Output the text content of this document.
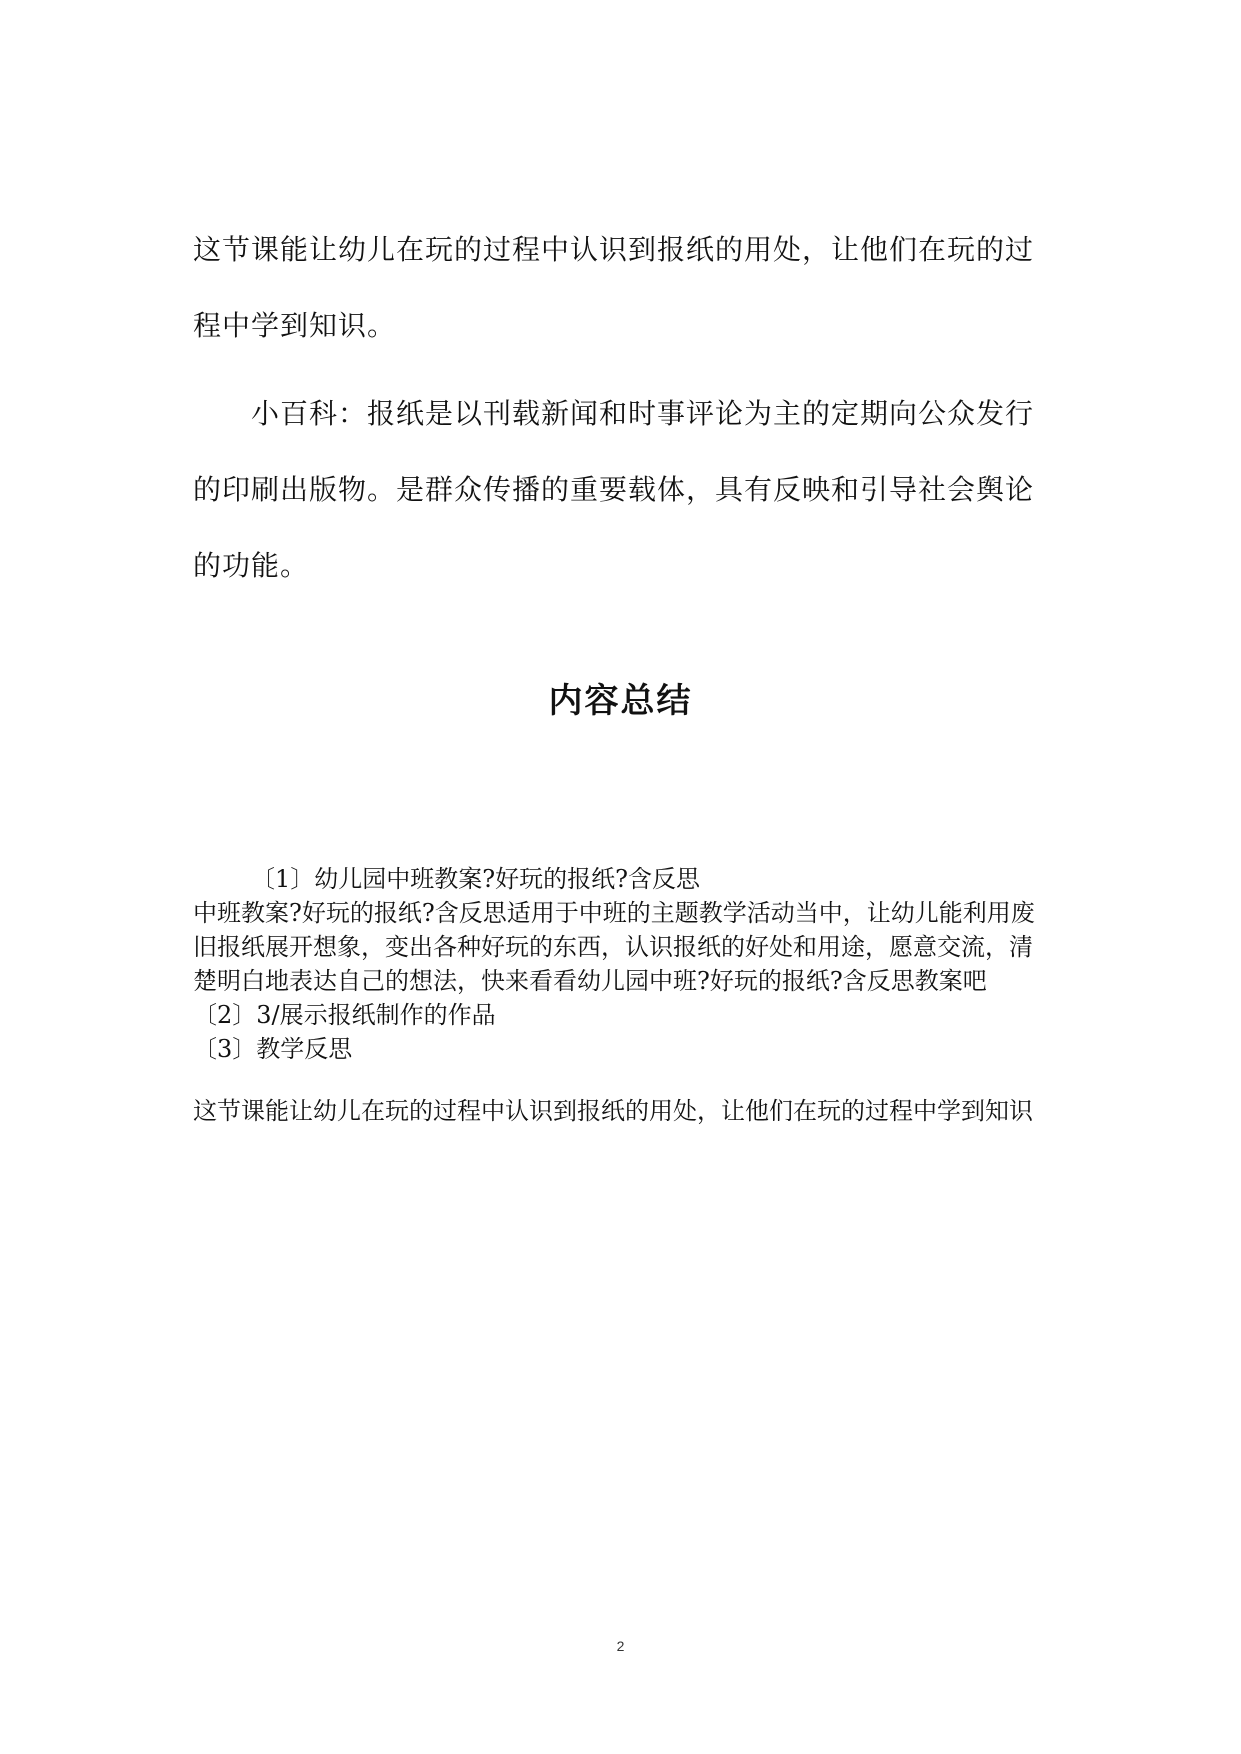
这节课能让幼儿在玩的过程中认识到报纸的用处，让他们在玩的过程中学到知识。

小百科：报纸是以刊载新闻和时事评论为主的定期向公众发行的印刷出版物。是群众传播的重要载体，具有反映和引导社会舆论的功能。

内容总结

〔1〕幼儿园中班教案?好玩的报纸?含反思

中班教案?好玩的报纸?含反思适用于中班的主题教学活动当中，让幼儿能利用废旧报纸展开想象，变出各种好玩的东西，认识报纸的好处和用途，愿意交流，清楚明白地表达自己的想法，快来看看幼儿园中班?好玩的报纸?含反思教案吧

〔2〕3/展示报纸制作的作品

〔3〕教学反思

这节课能让幼儿在玩的过程中认识到报纸的用处，让他们在玩的过程中学到知识

2
